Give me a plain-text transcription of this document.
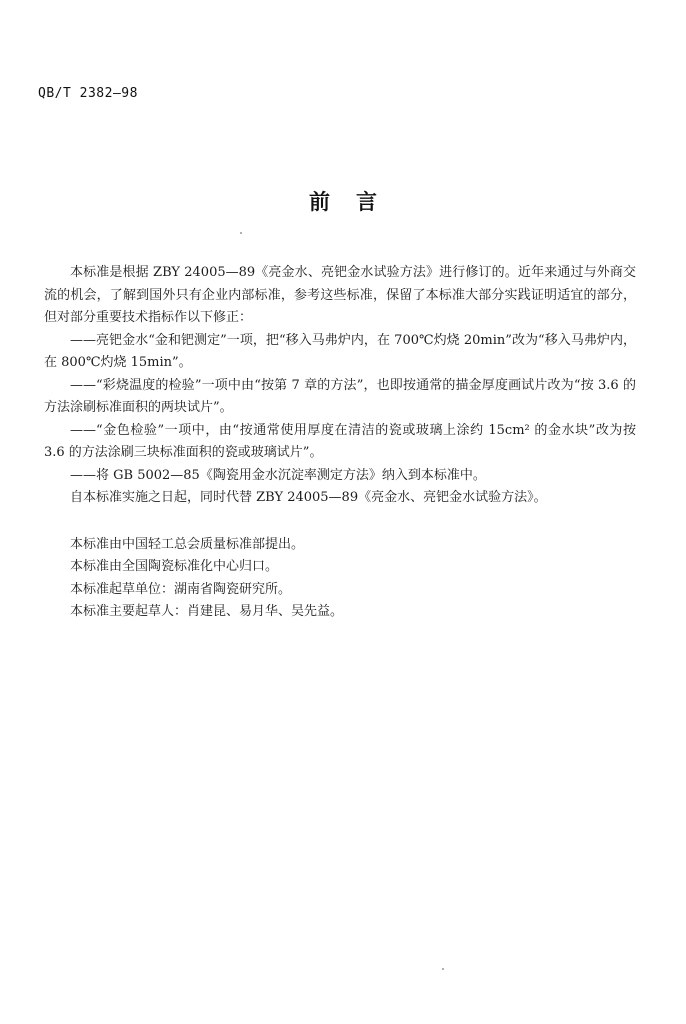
QB/T 2382—98
前言

本标准是根据 ZBY 24005—89《亮金水、亮钯金水试验方法》进行修订的。近年来通过与外商交流的机会，了解到国外只有企业内部标准，参考这些标准，保留了本标准大部分实践证明适宜的部分，但对部分重要技术指标作以下修正：

——亮钯金水“金和钯测定”一项，把“移入马弗炉内，在 700℃灼烧 20min”改为“移入马弗炉内，在 800℃灼烧 15min”。

——“彩烧温度的检验”一项中由“按第 7 章的方法”，也即按通常的描金厚度画试片改为“按 3.6 的方法涂刷标准面积的两块试片”。

——“金色检验”一项中，由“按通常使用厚度在清洁的瓷或玻璃上涂约 15cm² 的金水块”改为按 3.6 的方法涂刷三块标准面积的瓷或玻璃试片”。

——将 GB 5002—85《陶瓷用金水沉淀率测定方法》纳入到本标准中。

自本标准实施之日起，同时代替 ZBY 24005—89《亮金水、亮钯金水试验方法》。

本标准由中国轻工总会质量标准部提出。

本标准由全国陶瓷标准化中心归口。

本标准起草单位：湖南省陶瓷研究所。

本标准主要起草人：肖建昆、易月华、吴先益。
